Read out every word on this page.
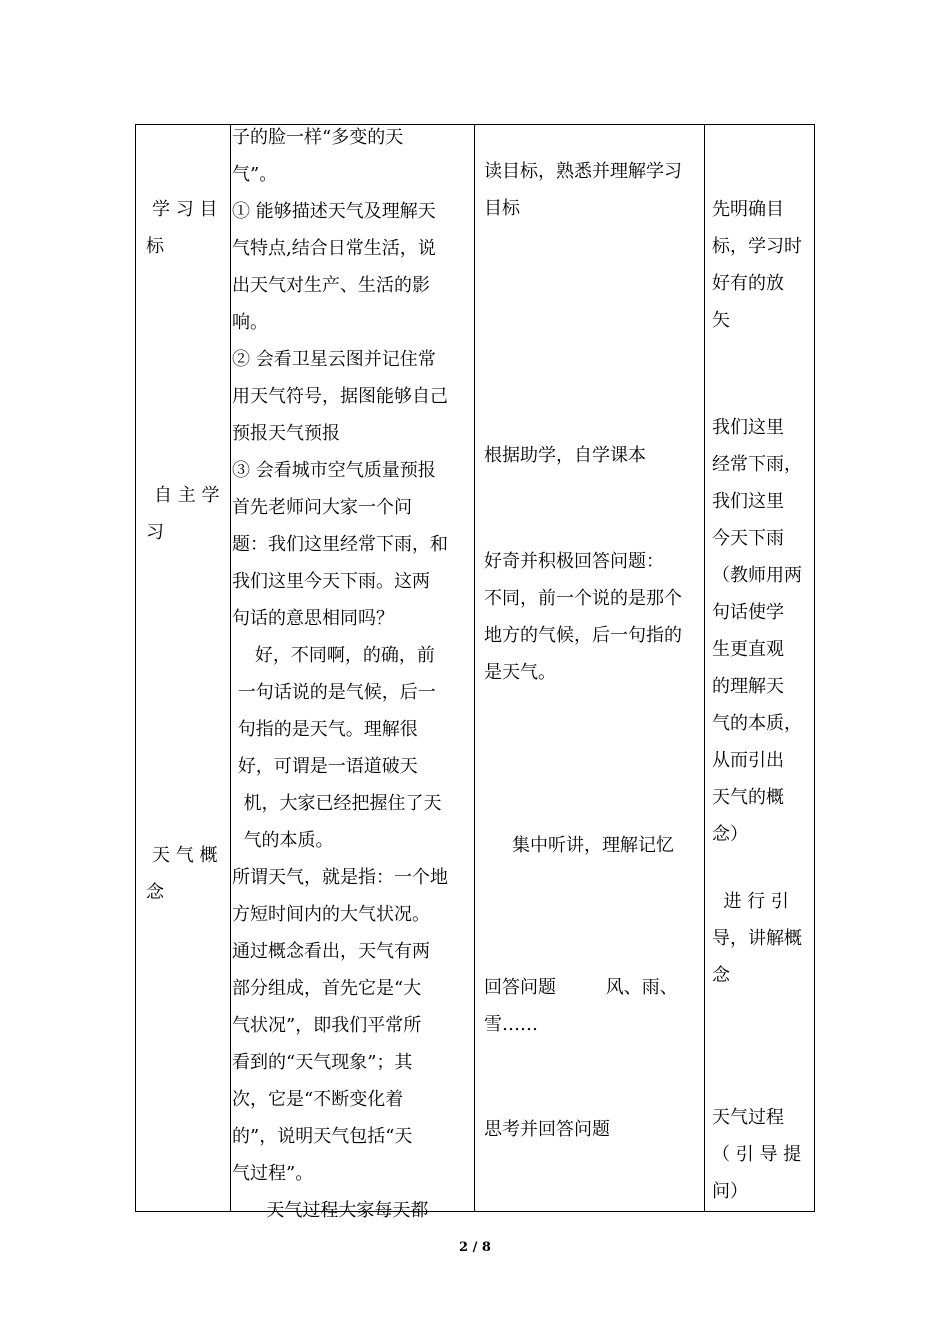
学 习 目
标
自 主 学
习
天 气 概
念
子的脸一样“多变的天
气”。
① 能够描述天气及理解天
气特点,结合日常生活，说
出天气对生产、生活的影
响。
② 会看卫星云图并记住常
用天气符号，据图能够自己
预报天气预报
③ 会看城市空气质量预报
首先老师问大家一个问
题：我们这里经常下雨，和
我们这里今天下雨。这两
句话的意思相同吗？
好，不同啊，的确，前
一句话说的是气候，后一
句指的是天气。理解很
好，可谓是一语道破天
机，大家已经把握住了天
气的本质。
所谓天气，就是指：一个地
方短时间内的大气状况。
通过概念看出，天气有两
部分组成，首先它是“大
气状况”，即我们平常所
看到的“天气现象”；其
次，它是“不断变化着
的”，说明天气包括“天
气过程”。
天气过程大家每天都
读目标，熟悉并理解学习
目标
根据助学，自学课本
好奇并积极回答问题：
不同，前一个说的是那个
地方的气候，后一句指的
是天气。
集中听讲，理解记忆
回答问题	风、雨、
雪……
思考并回答问题
先明确目
标，学习时
好有的放
矢
我们这里
经常下雨，
我们这里
今天下雨
（教师用两
句话使学
生更直观
的理解天
气的本质，
从而引出
天气的概
念）
进 行 引
导，讲解概
念
天气过程
（ 引 导 提
问）
2 / 8
